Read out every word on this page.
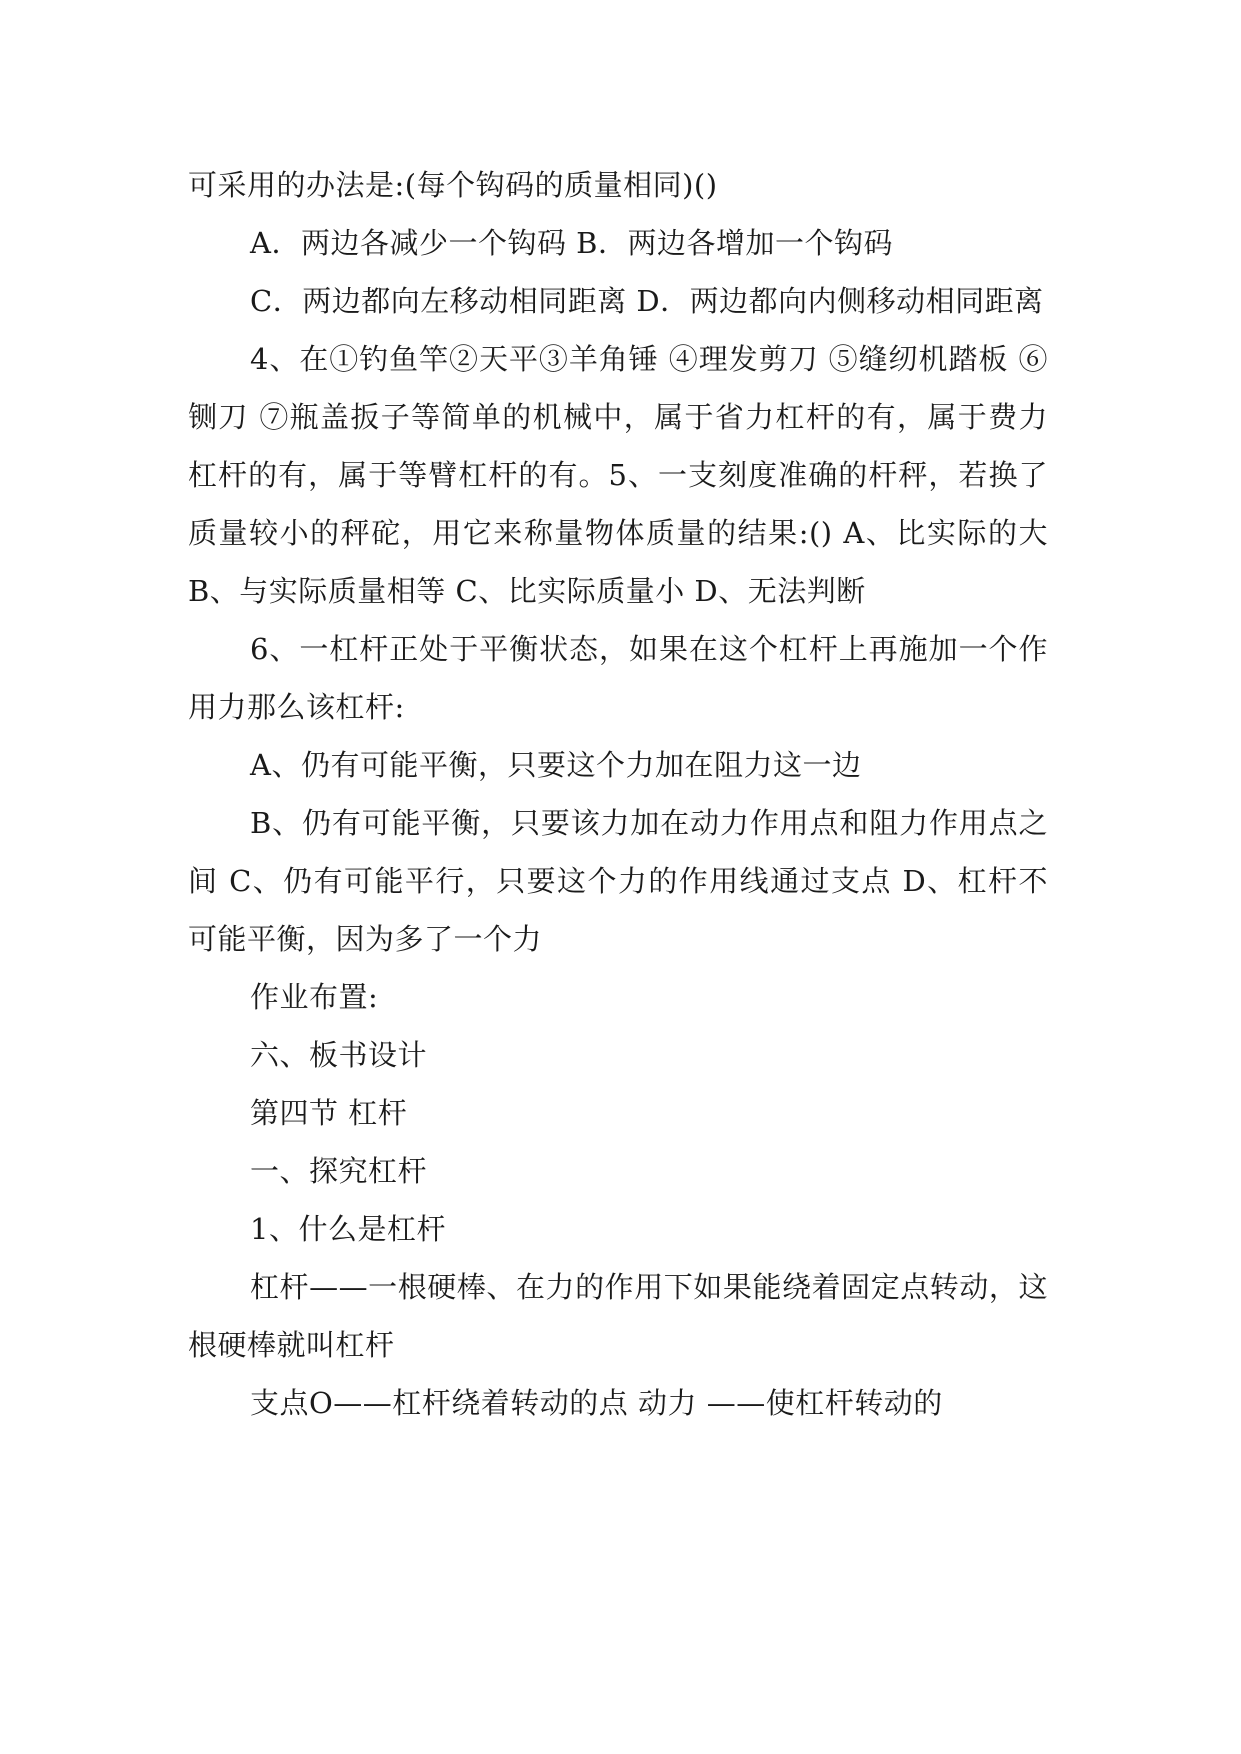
可采用的办法是:(每个钩码的质量相同)()

A．两边各减少一个钩码 B．两边各增加一个钩码

C．两边都向左移动相同距离 D．两边都向内侧移动相同距离

4、在①钓鱼竿②天平③羊角锤 ④理发剪刀 ⑤缝纫机踏板 ⑥铡刀 ⑦瓶盖扳子等简单的机械中，属于省力杠杆的有，属于费力杠杆的有，属于等臂杠杆的有。5、一支刻度准确的杆秤，若换了质量较小的秤砣，用它来称量物体质量的结果:() A、比实际的大 B、与实际质量相等 C、比实际质量小 D、无法判断

6、一杠杆正处于平衡状态，如果在这个杠杆上再施加一个作用力那么该杠杆:

A、仍有可能平衡，只要这个力加在阻力这一边

B、仍有可能平衡，只要该力加在动力作用点和阻力作用点之间 C、仍有可能平行，只要这个力的作用线通过支点 D、杠杆不可能平衡，因为多了一个力

作业布置:

六、板书设计

第四节 杠杆

一、探究杠杆

1、什么是杠杆

杠杆——一根硬棒、在力的作用下如果能绕着固定点转动，这根硬棒就叫杠杆

支点O——杠杆绕着转动的点 动力 ——使杠杆转动的
